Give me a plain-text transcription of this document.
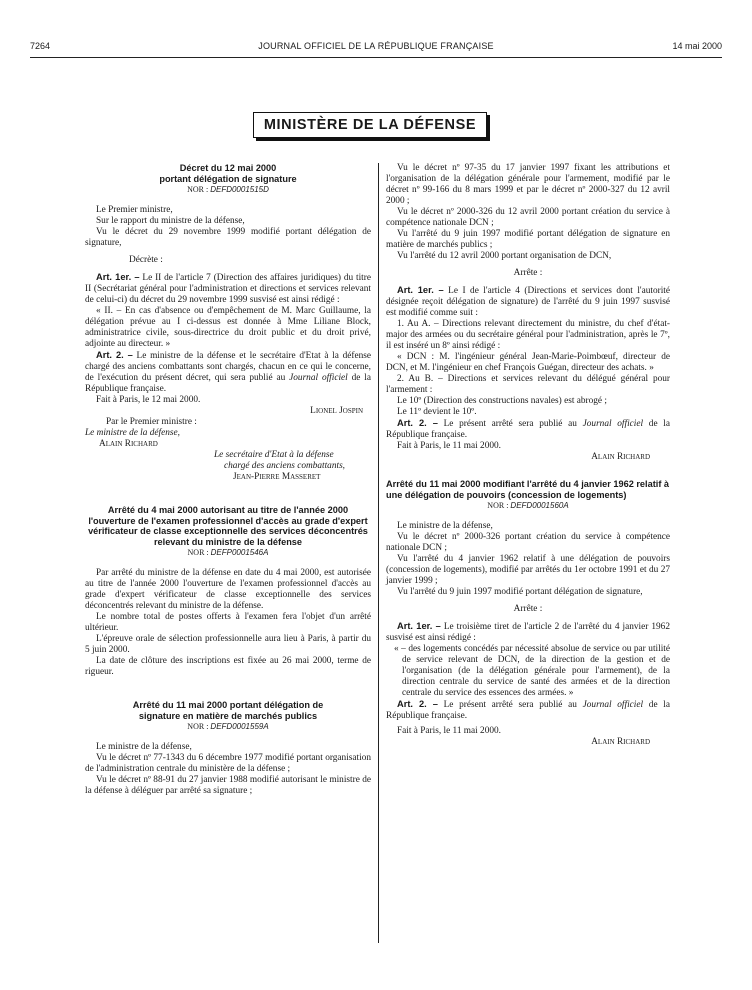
7264	JOURNAL OFFICIEL DE LA RÉPUBLIQUE FRANÇAISE	14 mai 2000
MINISTÈRE DE LA DÉFENSE

Décret du 12 mai 2000

portant délégation de signature

NOR : DEFD0001515D

Le Premier ministre,

Sur le rapport du ministre de la défense,

Vu le décret du 29 novembre 1999 modifié portant délégation de signature,

Décrète :

Art. 1er. – Le II de l'article 7 (Direction des affaires juridiques) du titre II (Secrétariat général pour l'administration et directions et services relevant de celui-ci) du décret du 29 novembre 1999 susvisé est ainsi rédigé :

« II. – En cas d'absence ou d'empêchement de M. Marc Guillaume, la délégation prévue au I ci-dessus est donnée à Mme Liliane Block, administratrice civile, sous-directrice du droit public et du droit privé, adjointe au directeur. »

Art. 2. – Le ministre de la défense et le secrétaire d'Etat à la défense chargé des anciens combattants sont chargés, chacun en ce qui le concerne, de l'exécution du présent décret, qui sera publié au Journal officiel de la République française.

Fait à Paris, le 12 mai 2000.

Lionel Jospin

Par le Premier ministre :

Le ministre de la défense,

Alain Richard

Le secrétaire d'Etat à la défense

chargé des anciens combattants,

Jean-Pierre Masseret

Arrêté du 4 mai 2000 autorisant au titre de l'année 2000 l'ouverture de l'examen professionnel d'accès au grade d'expert vérificateur de classe exceptionnelle des services déconcentrés relevant du ministre de la défense

NOR : DEFP0001546A

Par arrêté du ministre de la défense en date du 4 mai 2000, est autorisée au titre de l'année 2000 l'ouverture de l'examen professionnel d'accès au grade d'expert vérificateur de classe exceptionnelle des services déconcentrés relevant du ministre de la défense.

Le nombre total de postes offerts à l'examen fera l'objet d'un arrêté ultérieur.

L'épreuve orale de sélection professionnelle aura lieu à Paris, à partir du 5 juin 2000.

La date de clôture des inscriptions est fixée au 26 mai 2000, terme de rigueur.

Arrêté du 11 mai 2000 portant délégation de signature en matière de marchés publics

NOR : DEFD0001559A

Le ministre de la défense,

Vu le décret nº 77-1343 du 6 décembre 1977 modifié portant organisation de l'administration centrale du ministère de la défense ;

Vu le décret nº 88-91 du 27 janvier 1988 modifié autorisant le ministre de la défense à déléguer par arrêté sa signature ;

Vu le décret nº 97-35 du 17 janvier 1997 fixant les attributions et l'organisation de la délégation générale pour l'armement, modifié par le décret nº 99-166 du 8 mars 1999 et par le décret nº 2000-327 du 12 avril 2000 ;

Vu le décret nº 2000-326 du 12 avril 2000 portant création du service à compétence nationale DCN ;

Vu l'arrêté du 9 juin 1997 modifié portant délégation de signature en matière de marchés publics ;

Vu l'arrêté du 12 avril 2000 portant organisation de DCN,

Arrête :

Art. 1er. – Le I de l'article 4 (Directions et services dont l'autorité désignée reçoit délégation de signature) de l'arrêté du 9 juin 1997 susvisé est modifié comme suit :

1. Au A. – Directions relevant directement du ministre, du chef d'état-major des armées ou du secrétaire général pour l'administration, après le 7º, il est inséré un 8º ainsi rédigé :

« DCN : M. l'ingénieur général Jean-Marie-Poimbœuf, directeur de DCN, et M. l'ingénieur en chef François Guégan, directeur des achats. »

2. Au B. – Directions et services relevant du délégué général pour l'armement :

Le 10º (Direction des constructions navales) est abrogé ;

Le 11º devient le 10º.

Art. 2. – Le présent arrêté sera publié au Journal officiel de la République française.

Fait à Paris, le 11 mai 2000.

Alain Richard

Arrêté du 11 mai 2000 modifiant l'arrêté du 4 janvier 1962 relatif à une délégation de pouvoirs (concession de logements)

NOR : DEFD0001560A

Le ministre de la défense,

Vu le décret nº 2000-326 portant création du service à compétence nationale DCN ;

Vu l'arrêté du 4 janvier 1962 relatif à une délégation de pouvoirs (concession de logements), modifié par arrêtés du 1er octobre 1991 et du 27 janvier 1999 ;

Vu l'arrêté du 9 juin 1997 modifié portant délégation de signature,

Arrête :

Art. 1er. – Le troisième tiret de l'article 2 de l'arrêté du 4 janvier 1962 susvisé est ainsi rédigé :

« – des logements concédés par nécessité absolue de service ou par utilité de service relevant de DCN, de la direction de la gestion et de l'organisation (de la délégation générale pour l'armement), de la direction centrale du service de santé des armées et de la direction centrale du service des essences des armées. »

Art. 2. – Le présent arrêté sera publié au Journal officiel de la République française.

Fait à Paris, le 11 mai 2000.

Alain Richard
